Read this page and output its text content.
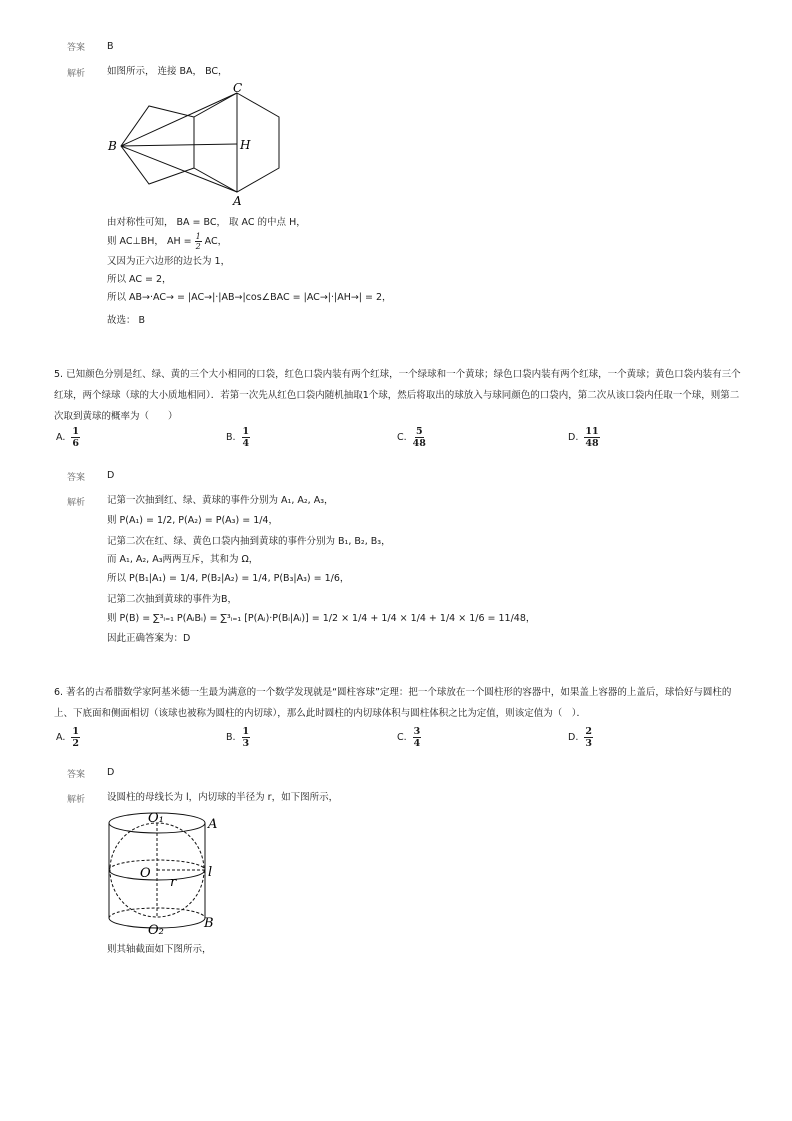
答案 B
解析 如图所示， 连接 BA， BC，
C
B	H
A
由对称性可知， BA = BC， 取 AC 的中点 H，
则 AC⊥BH， AH = $\frac{1}{2}$ AC，
又因为正六边形的边长为 1，
所以 AC = 2，
所以 AB→·AC→ = |AC→|·|AB→|cos∠BAC = |AC→|·|AH→| = 2，
故选： B
5. 已知颜色分别是红、绿、黄的三个大小相同的口袋，红色口袋内装有两个红球，一个绿球和一个黄球；绿色口袋内装有两个红球，一个黄球；黄色口袋内装有三个红球，两个绿球（球的大小质地相同）．若第一次先从红色口袋内随机抽取1个球，然后将取出的球放入与球同颜色的口袋内，第二次从该口袋内任取一个球，则第二次取到黄球的概率为（　　）
A. $\frac{1}{6}$	B. $\frac{1}{4}$	C. $\frac{5}{48}$	D. $\frac{11}{48}$
答案 D
解析 记第一次抽到红、绿、黄球的事件分别为 A₁, A₂, A₃，
则 P(A₁) = 1/2, P(A₂) = P(A₃) = 1/4，
记第二次在红、绿、黄色口袋内抽到黄球的事件分别为 B₁, B₂, B₃，
而 A₁, A₂, A₃两两互斥，其和为 Ω，
所以 P(B₁|A₁) = 1/4, P(B₂|A₂) = 1/4, P(B₃|A₃) = 1/6，
记第二次抽到黄球的事件为B，
则 P(B) = ∑³ᵢ₌₁ P(AᵢBᵢ) = ∑³ᵢ₌₁ [P(Aᵢ)·P(Bᵢ|Aᵢ)] = 1/2 × 1/4 + 1/4 × 1/4 + 1/4 × 1/6 = 11/48，
因此正确答案为：D
6. 著名的古希腊数学家阿基米德一生最为满意的一个数学发现就是“圆柱容球”定理：把一个球放在一个圆柱形的容器中，如果盖上容器的上盖后，球恰好与圆柱的上、下底面和侧面相切（该球也被称为圆柱的内切球），那么此时圆柱的内切球体积与圆柱体积之比为定值，则该定值为（　）．
A. $\frac{1}{2}$	B. $\frac{1}{3}$	C. $\frac{3}{4}$	D. $\frac{2}{3}$
答案 D
解析 设圆柱的母线长为 l，内切球的半径为 r，如下图所示，
O₁	A
O
r
l
B
O₂
则其轴截面如下图所示，
